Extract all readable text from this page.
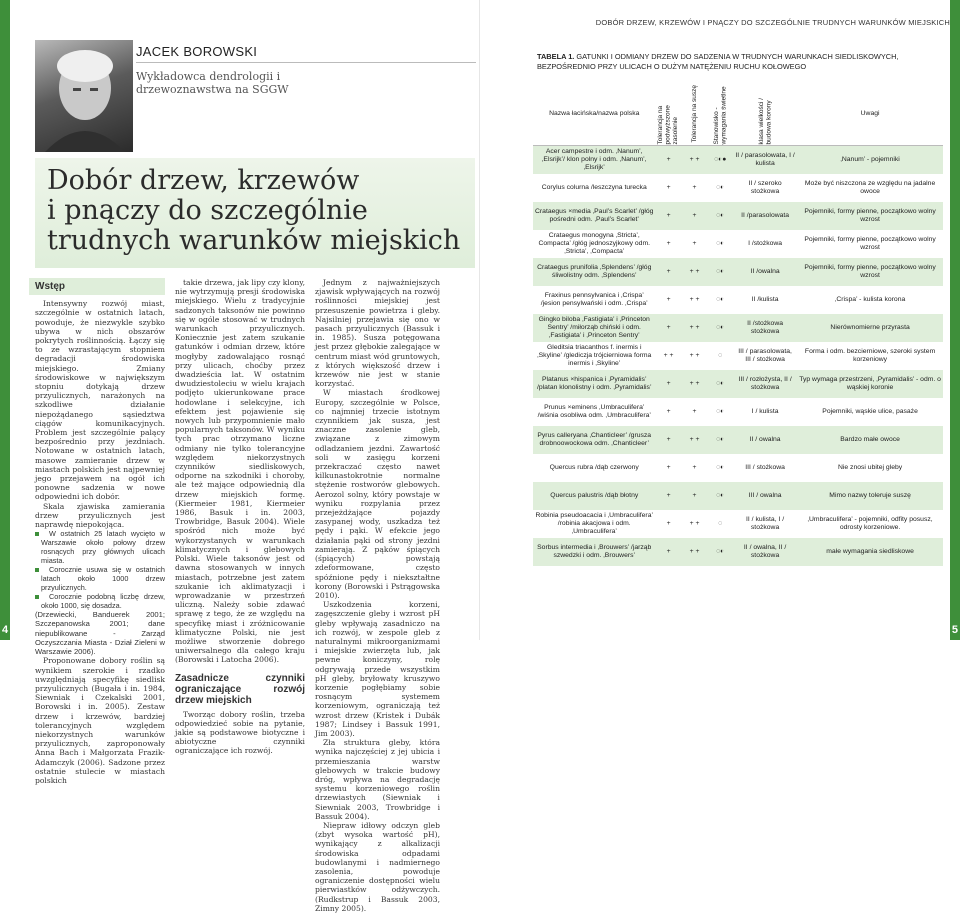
4
JACEK BOROWSKI
Wykładowca dendrologii i drzewoznawstwa na SGGW
Dobór drzew, krzewów
i pnączy do szczególnie
trudnych warunków miejskich

Wstęp

Intensywny rozwój miast, szczególnie w ostatnich latach, powoduje, że niezwykle szybko ubywa w nich obszarów pokrytych roślinnością. Łączy się to ze wzrastającym stopniem degradacji środowiska miejskiego. Zmiany środowiskowe w największym stopniu dotykają drzew przyulicznych, narażonych na szkodliwe działanie niepożądanego sąsiedztwa ciągów komunikacyjnych. Problem jest szczególnie palący bezpośrednio przy jezdniach. Notowane w ostatnich latach, masowe zamieranie drzew w miastach polskich jest najpewniej jego przejawem na ogół ich ponowne sadzenia w nowe odpowiedni ich dobór.

Skala zjawiska zamierania drzew przyulicznych jest naprawdę niepokojąca.

W ostatnich 25 latach wycięto w Warszawie około połowy drzew rosnących przy głównych ulicach miasta.

Corocznie usuwa się w ostatnich latach około 1000 drzew przyulicznych.

Corocznie podobną liczbę drzew, około 1000, się dosadza.

(Drzewiecki, Banduerek 2001; Szczepanowska 2001; dane niepublikowane - Zarząd Oczyszczania Miasta - Dział Zieleni w Warszawie 2006).

Proponowane dobory roślin są wynikiem szerokie i rzadko uwzględniają specyfikę siedlisk przyulicznych (Bugała i in. 1984, Siewniak i Czekalski 2001, Borowski i in. 2005). Zestaw drzew i krzewów, bardziej tolerancyjnych względem niekorzystnych warunków przyulicznych, zaproponowały Anna Bach i Małgorzata Frazik-Adamczyk (2006). Sadzone przez ostatnie stulecie w miastach polskich

takie drzewa, jak lipy czy klony, nie wytrzymują presji środowiska miejskiego. Wielu z tradycyjnie sadzonych taksonów nie powinno się w ogóle stosować w trudnych warunkach przyulicznych. Koniecznie jest zatem szukanie gatunków i odmian drzew, które mogłyby zadowalająco rosnąć przy ulicach, choćby przez dwadzieścia lat. W ostatnim dwudziestoleciu w wielu krajach podjęto ukierunkowane prace hodowlane i selekcyjne, ich efektem jest pojawienie się nowych lub przypomnienie mało popularnych taksonów. W wyniku tych prac otrzymano liczne odmiany nie tylko tolerancyjne względem niekorzystnych czynników siedliskowych, odporne na szkodniki i choroby, ale też mające odpowiednią dla drzew miejskich formę. (Kiermeier 1981, Kiermeier 1986, Basuk i in. 2003, Trowbridge, Basuk 2004). Wiele spośród nich może być wykorzystanych w warunkach klimatycznych i glebowych Polski. Wiele taksonów jest od dawna stosowanych w innych miastach, potrzebne jest zatem szukanie ich aklimatyzacji i wprowadzanie w przestrzeń uliczną. Należy sobie zdawać sprawę z tego, że ze względu na specyfikę miast i zróżnicowanie klimatyczne Polski, nie jest możliwe stworzenie dobrego uniwersalnego dla całego kraju (Borowski i Latocha 2006).

Zasadnicze czynniki ograniczające rozwój drzew miejskich

Tworząc dobory roślin, trzeba odpowiedzieć sobie na pytanie, jakie są podstawowe biotyczne i abiotyczne czynniki ograniczające ich rozwój.

Jednym z najważniejszych zjawisk wpływających na rozwój roślinności miejskiej jest przesuszenie powietrza i gleby. Najsilniej przejawia się ono w pasach przyulicznych (Bassuk i in. 1985). Susza potęgowana jest przez głębokie zalegające w centrum miast wód gruntowych, z których większość drzew i krzewów nie jest w stanie korzystać.

W miastach środkowej Europy, szczególnie w Polsce, co najmniej trzecie istotnym czynnikiem jak susza, jest znaczne zasolenie gleb, związane z zimowym odladzaniem jezdni. Zawartość soli w zasięgu korzeni przekraczać często nawet kilkunastokrotnie normalne stężenie rostworów glebowych. Aerozol solny, który powstaje w wyniku rozpylania przez przejeżdżające pojazdy zasypanej wody, uszkadza też pędy i pąki. W efekcie jego działania pąki od strony jezdni zamierają. Z pąków śpiących (śpiących) powstają zdeformowane, często spóźnione pędy i niekształtne korony (Borowski i Pstrągowska 2010).

Uszkodzenia korzeni, zagęszczenie gleby i wzrost pH gleby wpływają zasadniczo na ich rozwój, w zespole gleb z naturalnymi mikroorganizmami i miejskie zwierzęta lub, jak pewne koniczyny, rolę odgrywają przede wszystkim pH gleby, bryłowaty kruszywo korzenie pogłębiamy sobie rosnącym systemem korzeniowym, ograniczają też wzrost drzew (Kristek i Dubák 1987; Lindsey i Bassuk 1991, Jim 2003).

Zła struktura gleby, która wynika najczęściej z jej ubicia i przemieszania warstw glebowych w trakcie budowy dróg, wpływa na degradację systemu korzeniowego roślin drzewiastych (Siewniak i Siewniak 2003, Trowbridge i Bassuk 2004).

Niepraw idłowy odczyn gleb (zbyt wysoka wartość pH), wynikający z alkalizacji środowiska odpadami budowlanymi i nadmiernego zasolenia, powoduje ograniczenie dostępności wielu pierwiastków odżywczych. (Rudkstrup i Bassuk 2003, Zimny 2005).

5
DOBÓR DRZEW, KRZEWÓW I PNĄCZY DO SZCZEGÓLNIE TRUDNYCH WARUNKÓW MIEJSKICH
TABELA 1. GATUNKI I ODMIANY DRZEW DO SADZENIA W TRUDNYCH WARUNKACH SIEDLISKOWYCH, BEZPOŚREDNIO PRZY ULICACH O DUŻYM NATĘŻENIU RUCHU KOŁOWEGO
Nazwa łacińska/nazwa polska	Tolerancja na podwyższone zasolenie	Tolerancja na suszę	Stanowisko - wymagania świetlne	klasa wielkości / budowa korony	Uwagi
Acer campestre i odm. ‚Nanum’, ‚Elsrijk’/ klon polny i odm. ‚Nanum’, ‚Elsrijk’	+	+ +	◌◐●	II / parasolowata, I / kulista	‚Nanum’ - pojemniki
Corylus colurna /leszczyna turecka	+	+	◌◐	II / szeroko stożkowa	Może być niszczona ze względu na jadalne owoce
Crataegus ×media ‚Paul’s Scarlet’ /głóg pośredni odm. ‚Paul’s Scarlet’	+	+	◌◐	II /parasolowata	Pojemniki, formy pienne, początkowo wolny wzrost
Crataegus monogyna ‚Stricta’, Compacta’ /głóg jednoszyjkowy odm. ‚Stricta’, ‚Compacta’	+	+	◌◐	I /stożkowa	Pojemniki, formy pienne, początkowo wolny wzrost
Crataegus prunifolia ‚Splendens’ /głóg śliwolistny odm. ‚Splendens’	+	+ +	◌◐	II /owalna	Pojemniki, formy pienne, początkowo wolny wzrost
Fraxinus pennsylvanica i ‚Crispa’ /jesion pensylwański i odm. ‚Crispa’	+	+ +	◌◐	II /kulista	‚Crispa’ - kulista korona
Gingko biloba ‚Fastigiata’ i ‚Princeton Sentry’ /miłorząb chiński i odm. ‚Fastigiata’ i ‚Princeton Sentry’	+	+ +	◌◐	II /stożkowa stożkowa	Nierównomierne przyrasta
Gleditsia triacanthos f. inermis i ‚Skyline’ /glediczja trójcierniowa forma inermis i ‚Skyline’	+ +	+ +	◌	III / parasolowata, III / stożkowa	Forma i odm. bezcierniowe, szeroki system korzeniowy
Platanus ×hispanica i ‚Pyramidalis’ /platan klonolistny i odm. ‚Pyramidalis’	+	+ +	◌◐	III / rozłożysta, II / stożkowa	Typ wymaga przestrzeni, ‚Pyramidalis’ - odm. o wąskiej koronie
Prunus ×eminens ‚Umbraculifera’ /wiśnia osobliwa odm. ‚Umbraculifera’	+	+	◌◐	I / kulista	Pojemniki, wąskie ulice, pasaże
Pyrus calleryana ‚Chanticleer’ /grusza drobnoowockowa odm. ‚Chanticleer’	+	+ +	◌◐	II / owalna	Bardzo małe owoce
Quercus rubra /dąb czerwony	+	+	◌◐	III / stożkowa	Nie znosi ubitej gleby
Quercus palustris /dąb błotny	+	+	◌◐	III / owalna	Mimo nazwy toleruje suszę
Robinia pseudoacacia i ‚Umbraculifera’ /robinia akacjowa i odm. ‚Umbraculifera’	+	+ +	◌	II / kulista, I / stożkowa	‚Umbraculifera’ - pojemniki, odfity posusz, odrosty korzeniowe.
Sorbus intermedia i ‚Brouwers’ /jarząb szwedzki i odm. ‚Brouwers’	+	+ +	◌◐	II / owalna, II / stożkowa	małe wymagania siedliskowe
